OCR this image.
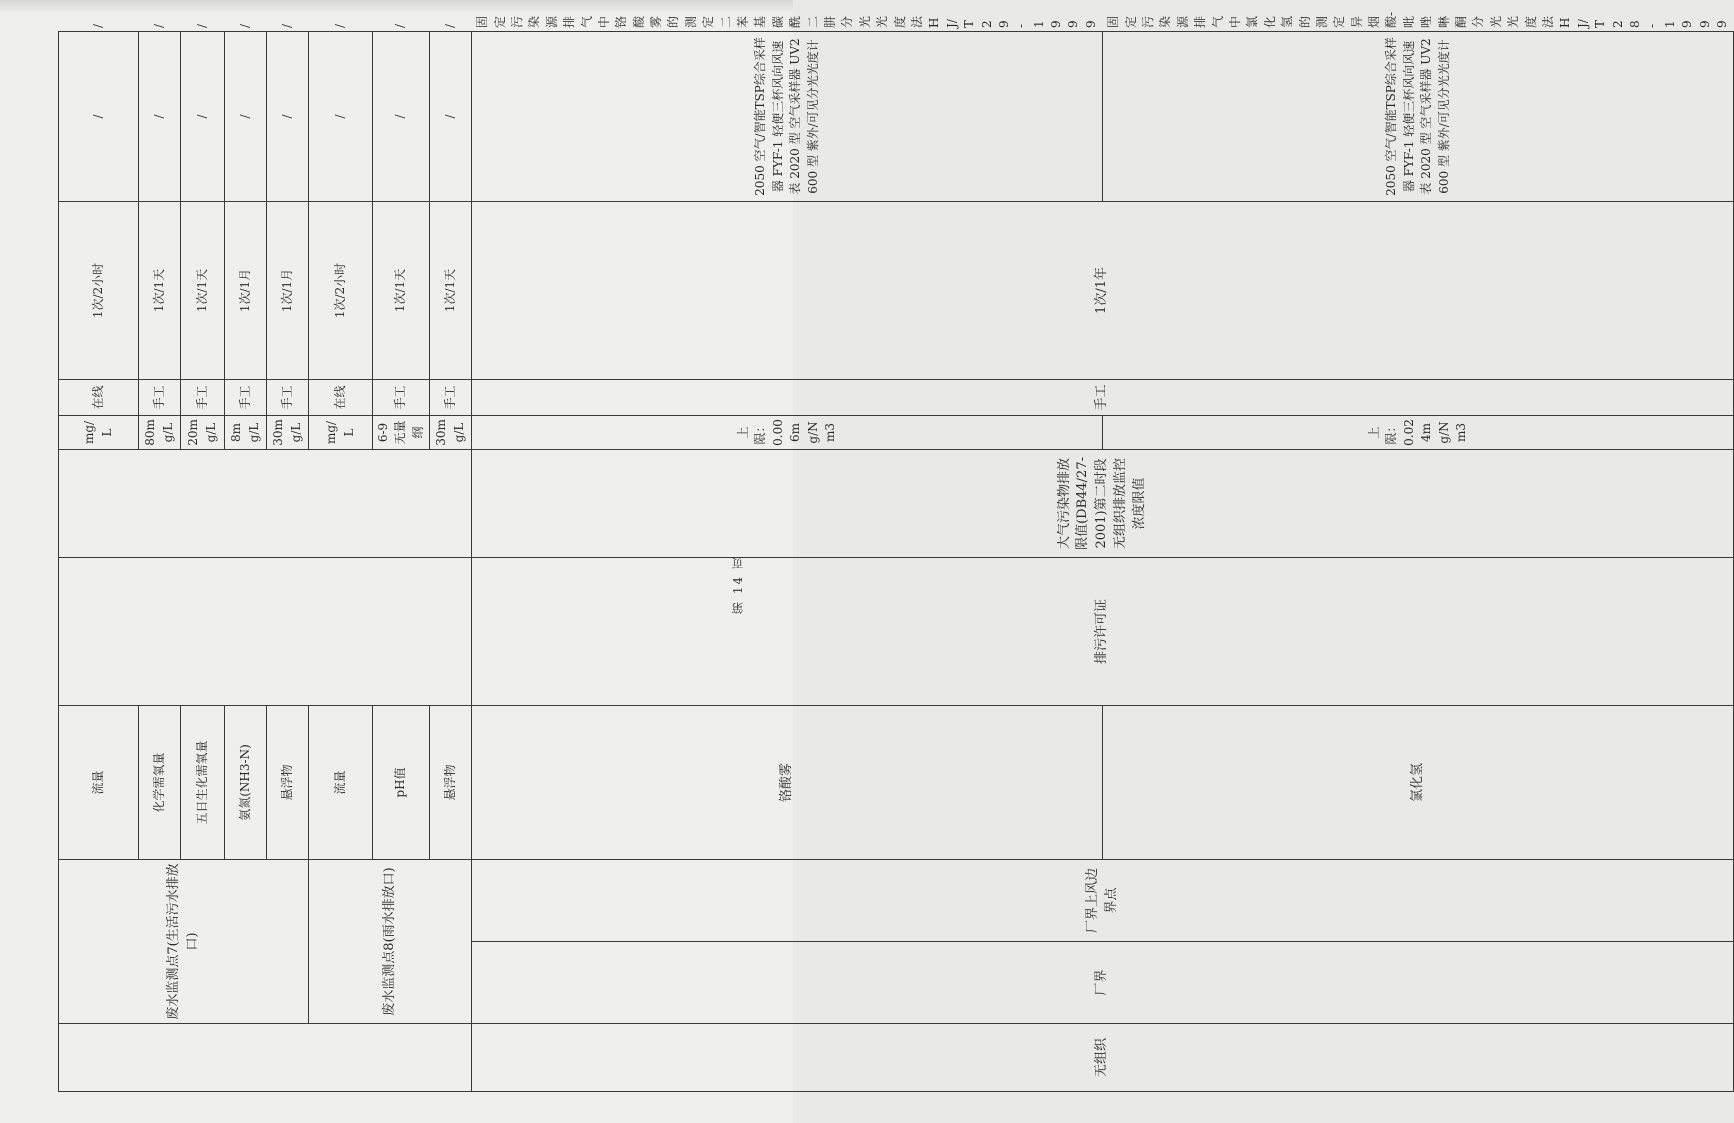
	废水监测点7(生活污水排放口)		流量			mg/L	在线	1次/2小时	/	/
			化学需氧量			80mg/L	手工	1次/1天	/	/
			五日生化需氧量			20mg/L	手工	1次/1天	/	/
			氨氮(NH3-N)			8mg/L	手工	1次/1月	/	/
			悬浮物			30mg/L	手工	1次/1月	/	/
	废水监测点8(雨水排放口)		流量			mg/L	在线	1次/2小时	/	/
			pH值			6-9无量纲	手工	1次/1天	/	/
			悬浮物			30mg/L	手工	1次/1天	/	/
无组织	厂界	厂界上风边界点	铬酸雾	排污许可证	大气污染物排放限值(DB44/27-2001)第二时段无组织排放监控浓度限值	上限：0.006mg/Nm3	手工	1次/1年	2050 空气/智能TSP综合采样器 FYF-1 轻便三杯风向风速表 2020 型 空气采样器 UV2600 型 紫外/可见分光光度计	固定污染源排气中铬酸雾的测定 二苯基碳酰二肼分光光度法 HJ/T 29-1999
			氯化氢			上限：0.024mg/Nm3			2050 空气/智能TSP综合采样器 FYF-1 轻便三杯风向风速表 2020 型 空气采样器 UV2600 型 紫外/可见分光光度计	固定污染源排气中氯化氢的测定 异烟酸-吡唑啉酮分光光度法 HJ/T 28-1999
第 14 页
